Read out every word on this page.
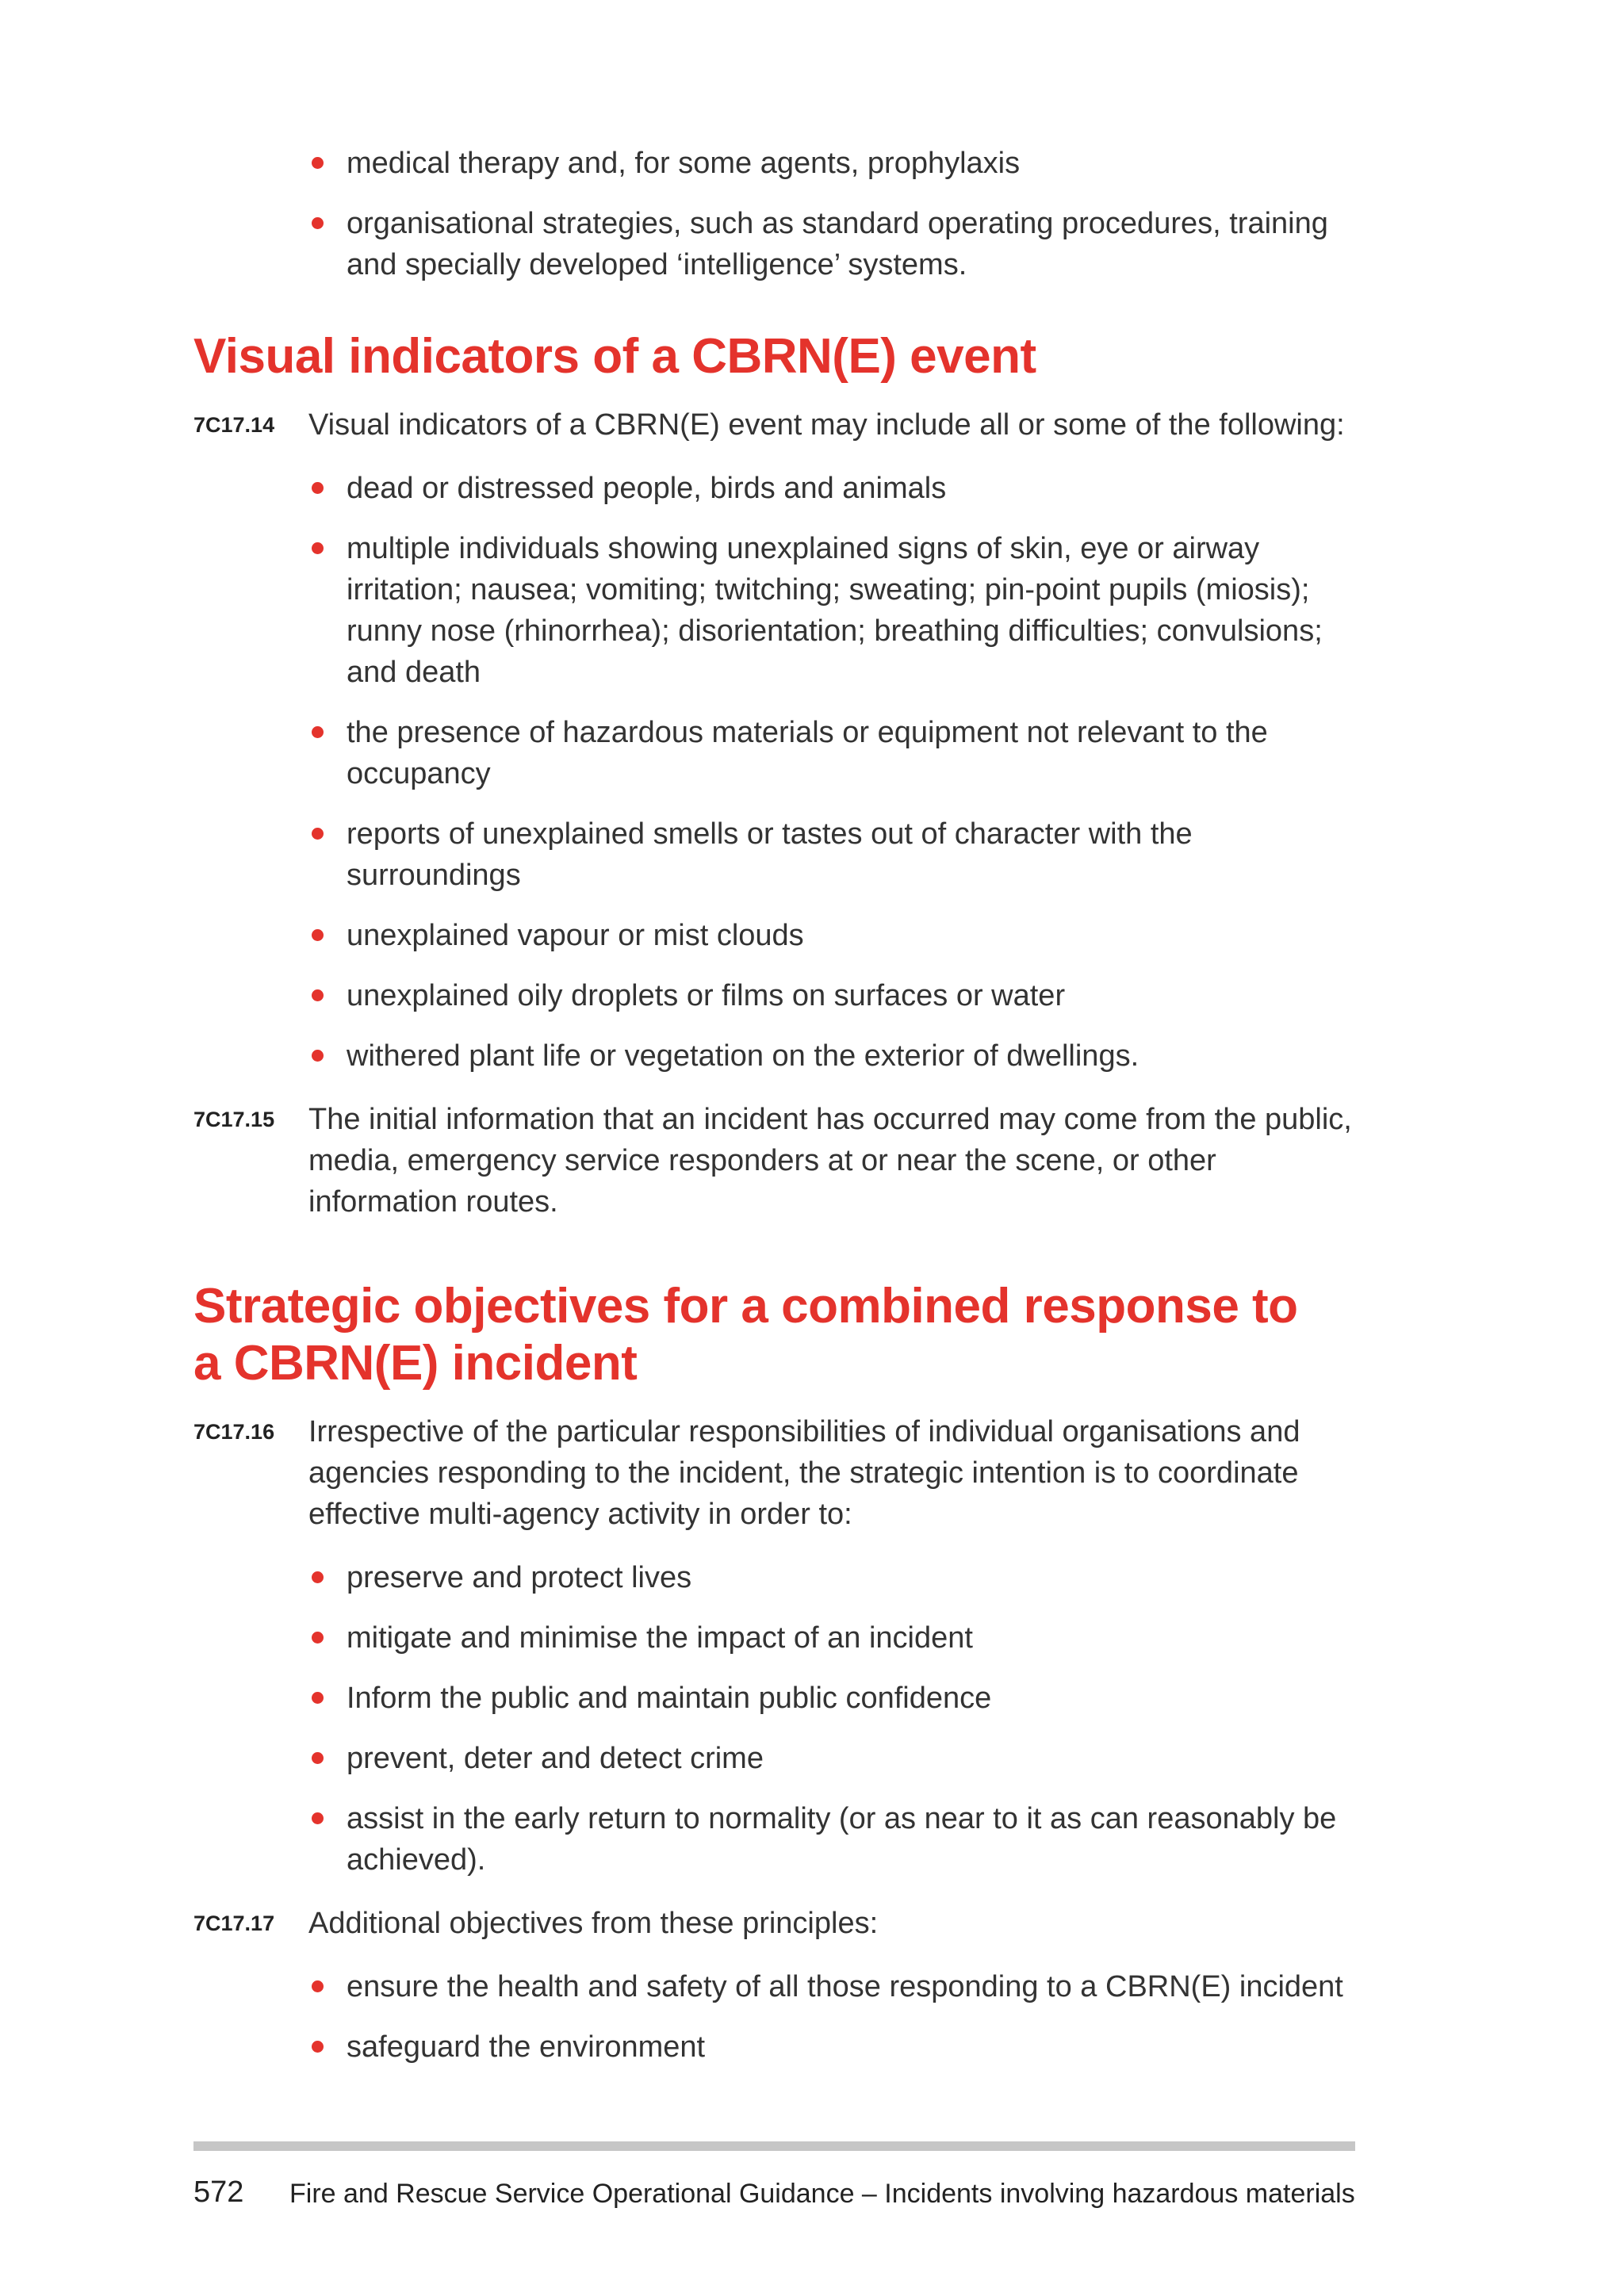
medical therapy and, for some agents, prophylaxis
organisational strategies, such as standard operating procedures, training and specially developed ‘intelligence’ systems.
Visual indicators of a CBRN(E) event
7C17.14	Visual indicators of a CBRN(E) event may include all or some of the following:
dead or distressed people, birds and animals
multiple individuals showing unexplained signs of skin, eye or airway irritation; nausea; vomiting; twitching; sweating; pin-point pupils (miosis); runny nose (rhinorrhea); disorientation; breathing difficulties; convulsions; and death
the presence of hazardous materials or equipment not relevant to the occupancy
reports of unexplained smells or tastes out of character with the surroundings
unexplained vapour or mist clouds
unexplained oily droplets or films on surfaces or water
withered plant life or vegetation on the exterior of dwellings.
7C17.15	The initial information that an incident has occurred may come from the public, media, emergency service responders at or near the scene, or other information routes.
Strategic objectives for a combined response to a CBRN(E) incident
7C17.16	Irrespective of the particular responsibilities of individual organisations and agencies responding to the incident, the strategic intention is to coordinate effective multi-agency activity in order to:
preserve and protect lives
mitigate and minimise the impact of an incident
Inform the public and maintain public confidence
prevent, deter and detect crime
assist in the early return to normality (or as near to it as can reasonably be achieved).
7C17.17	Additional objectives from these principles:
ensure the health and safety of all those responding to a CBRN(E) incident
safeguard the environment
572 Fire and Rescue Service Operational Guidance – Incidents involving hazardous materials
